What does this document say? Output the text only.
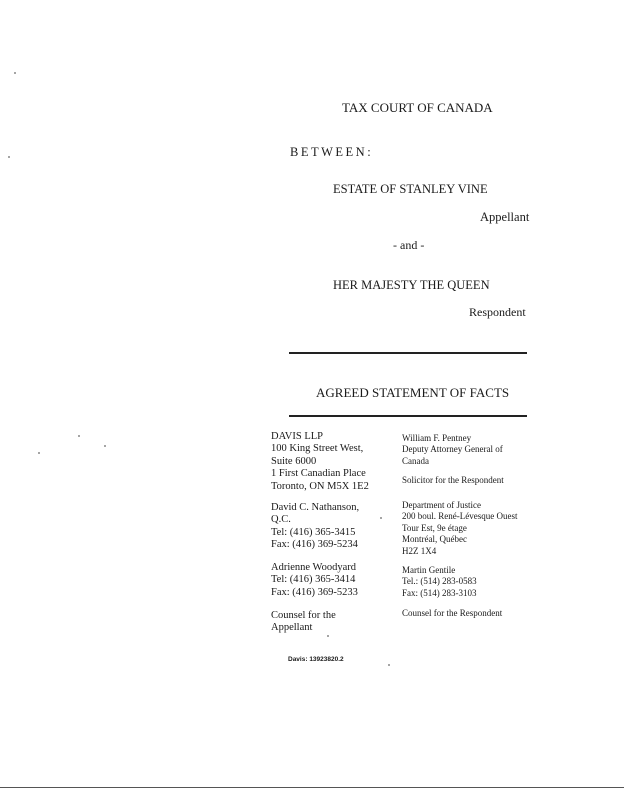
TAX COURT OF CANADA
BETWEEN:
ESTATE OF STANLEY VINE
Appellant
- and -
HER MAJESTY THE QUEEN
Respondent
AGREED STATEMENT OF FACTS

DAVIS LLP

100 King Street West,

Suite 6000

1 First Canadian Place

Toronto, ON M5X 1E2

David C. Nathanson,

Q.C.

Tel: (416) 365-3415

Fax: (416) 369-5234

Adrienne Woodyard

Tel: (416) 365-3414

Fax: (416) 369-5233

Counsel for the

Appellant

William F. Pentney

Deputy Attorney General of

Canada

Solicitor for the Respondent

Department of Justice

200 boul. René-Lévesque Ouest

Tour Est, 9e étage

Montréal, Québec

H2Z 1X4

Martin Gentile

Tel.: (514) 283-0583

Fax: (514) 283-3103

Counsel for the Respondent

Davis: 13923820.2
